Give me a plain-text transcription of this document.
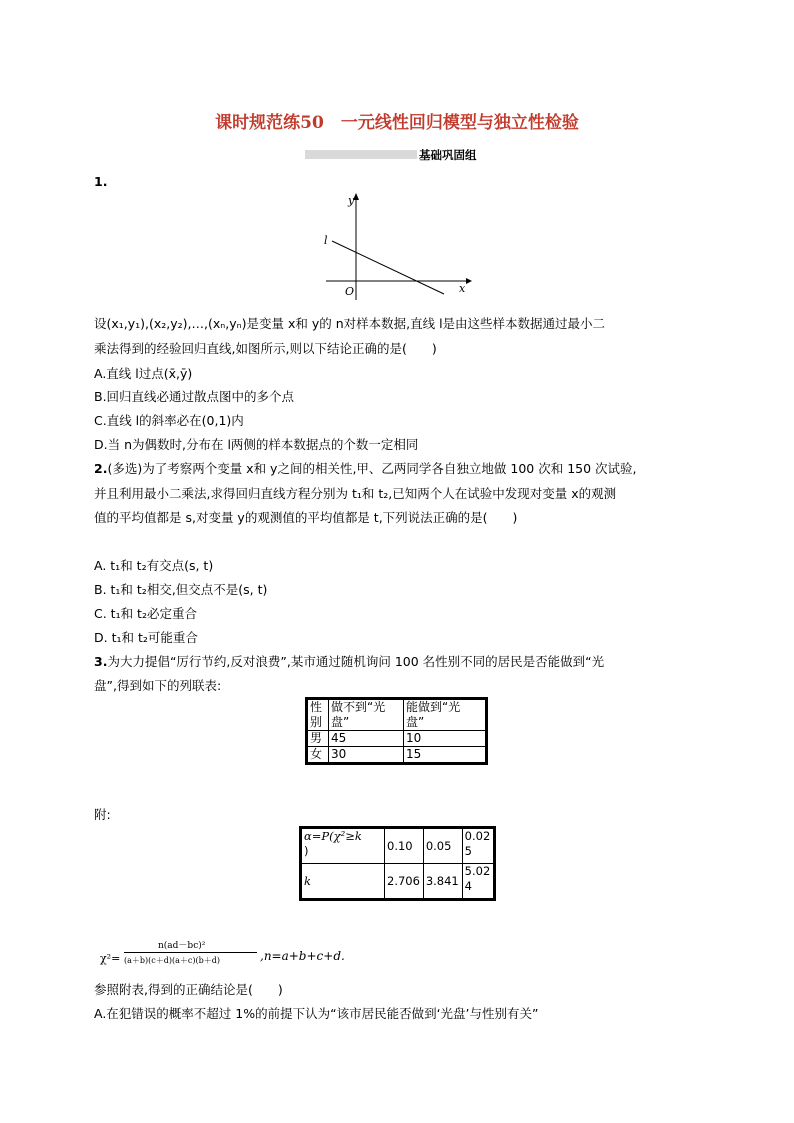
课时规范练50　一元线性回归模型与独立性检验
基础巩固组
1.
y
x
O
l
设(x₁,y₁),(x₂,y₂),…,(xₙ,yₙ)是变量 x和 y的 n对样本数据,直线 l是由这些样本数据通过最小二
乘法得到的经验回归直线,如图所示,则以下结论正确的是(　　)
A.直线 l过点(x̄,ȳ)
B.回归直线必通过散点图中的多个点
C.直线 l的斜率必在(0,1)内
D.当 n为偶数时,分布在 l两侧的样本数据点的个数一定相同
2.(多选)为了考察两个变量 x和 y之间的相关性,甲、乙两同学各自独立地做 100 次和 150 次试验,
并且利用最小二乘法,求得回归直线方程分别为 t₁和 t₂,已知两个人在试验中发现对变量 x的观测
值的平均值都是 s,对变量 y的观测值的平均值都是 t,下列说法正确的是(　　)
A. t₁和 t₂有交点(s, t)
B. t₁和 t₂相交,但交点不是(s, t)
C. t₁和 t₂必定重合
D. t₁和 t₂可能重合
3.为大力提倡“厉行节约,反对浪费”,某市通过随机询问 100 名性别不同的居民是否能做到“光
盘”,得到如下的列联表:
性
别	做不到“光
盘”	能做到“光
盘”
男	45	10
女	30	15
附:
α=P(χ²≥k
)	0.10	0.05	0.02
5
k	2.706	3.841	5.02
4
χ²=
n(ad－bc)²
(a＋b)(c＋d)(a＋c)(b＋d)	,n=a+b+c+d.
参照附表,得到的正确结论是(　　)
A.在犯错误的概率不超过 1%的前提下认为“该市居民能否做到‘光盘’与性别有关”
